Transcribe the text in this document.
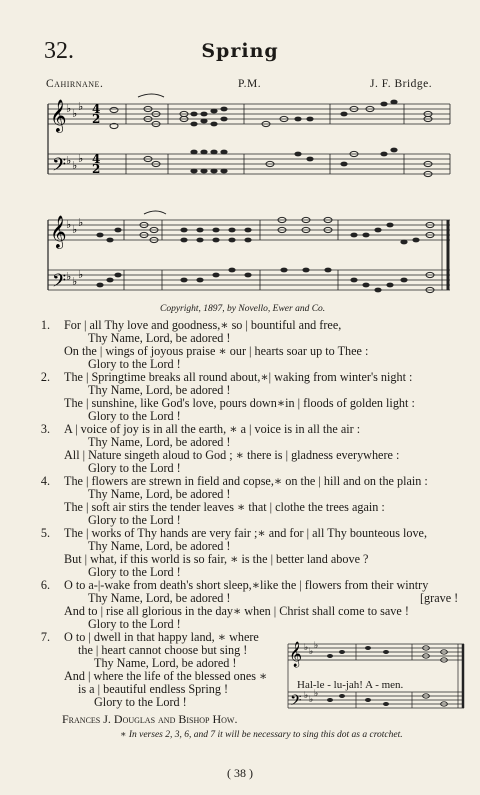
32.	Spring
Cahirnane.	P.M.	J. F. Bridge.
𝄞
𝄢
♭ ♭
♭
♭ ♭
♭
4
2
4
2
𝄞
𝄢
♭ ♭
♭
♭ ♭
♭
Copyright, 1897, by Novello, Ewer and Co.
1. For | all Thy love and goodness,∗ so | bountiful and free,
Thy Name, Lord, be adored !
On the | wings of joyous praise ∗ our | hearts soar up to Thee :
Glory to the Lord !
2. The | Springtime breaks all round about,∗| waking from winter's night :
Thy Name, Lord, be adored !
The | sunshine, like God's love, pours down∗in | floods of golden light :
Glory to the Lord !
3. A | voice of joy is in all the earth, ∗ a | voice is in all the air :
Thy Name, Lord, be adored !
All | Nature singeth aloud to God ; ∗ there is | gladness everywhere :
Glory to the Lord !
4. The | flowers are strewn in field and copse,∗ on the | hill and on the plain :
Thy Name, Lord, be adored !
The | soft air stirs the tender leaves ∗ that | clothe the trees again :
Glory to the Lord !
5. The | works of Thy hands are very fair ;∗ and for | all Thy bounteous love,
Thy Name, Lord, be adored !
But | what, if this world is so fair, ∗ is the | better land above ?
Glory to the Lord !
6. O to a-|-wake from death's short sleep,∗like the | flowers from their wintry
Thy Name, Lord, be adored !	[grave !
And to | rise all glorious in the day∗ when | Christ shall come to save !
Glory to the Lord !
7. O to | dwell in that happy land, ∗ where
the | heart cannot choose but sing !
Thy Name, Lord, be adored !
And | where the life of the blessed ones ∗
is a | beautiful endless Spring !
Glory to the Lord !
𝄞
𝄢
♭ ♭
♭
♭ ♭
♭
Hal-le - lu-jah! A - men.
Frances J. Douglas and Bishop How.
∗ In verses 2, 3, 6, and 7 it will be necessary to sing this dot as a crotchet.
( 38 )
